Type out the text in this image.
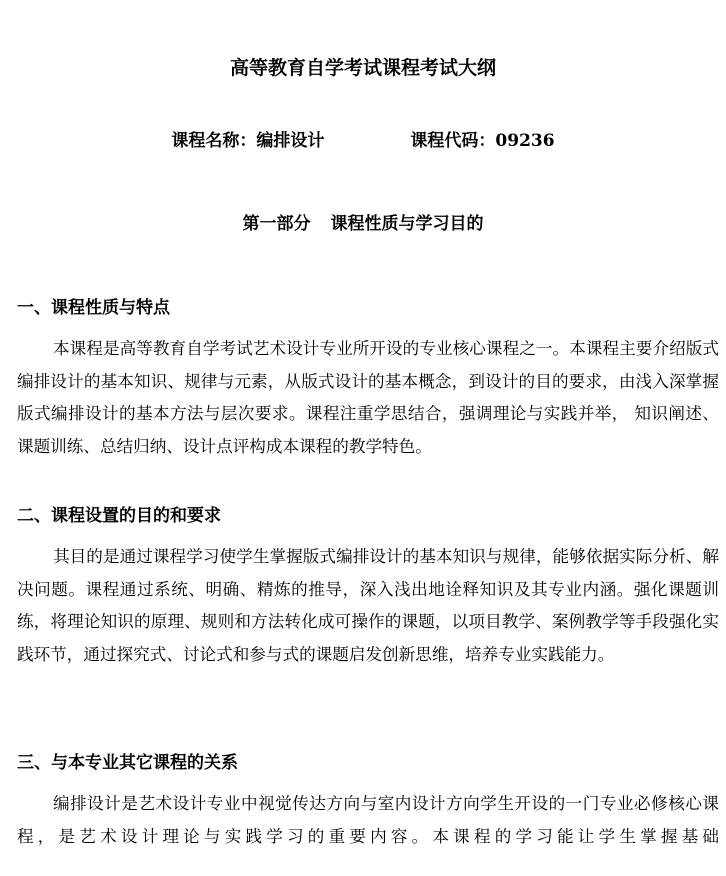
高等教育自学考试课程考试大纲
课程名称：编排设计	课程代码：09236
第一部分 课程性质与学习目的
一、课程性质与特点

本课程是高等教育自学考试艺术设计专业所开设的专业核心课程之一。本课程主要介绍版式编排设计的基本知识、规律与元素，从版式设计的基本概念，到设计的目的要求，由浅入深掌握版式编排设计的基本方法与层次要求。课程注重学思结合，强调理论与实践并举， 知识阐述、课题训练、总结归纳、设计点评构成本课程的教学特色。

二、课程设置的目的和要求

其目的是通过课程学习使学生掌握版式编排设计的基本知识与规律，能够依据实际分析、解决问题。课程通过系统、明确、精炼的推导，深入浅出地诠释知识及其专业内涵。强化课题训练，将理论知识的原理、规则和方法转化成可操作的课题，以项目教学、案例教学等手段强化实践环节，通过探究式、讨论式和参与式的课题启发创新思维，培养专业实践能力。

三、与本专业其它课程的关系

编排设计是艺术设计专业中视觉传达方向与室内设计方向学生开设的一门专业必修核心课程，是艺术设计理论与实践学习的重要内容。本课程的学习能让学生掌握基础
